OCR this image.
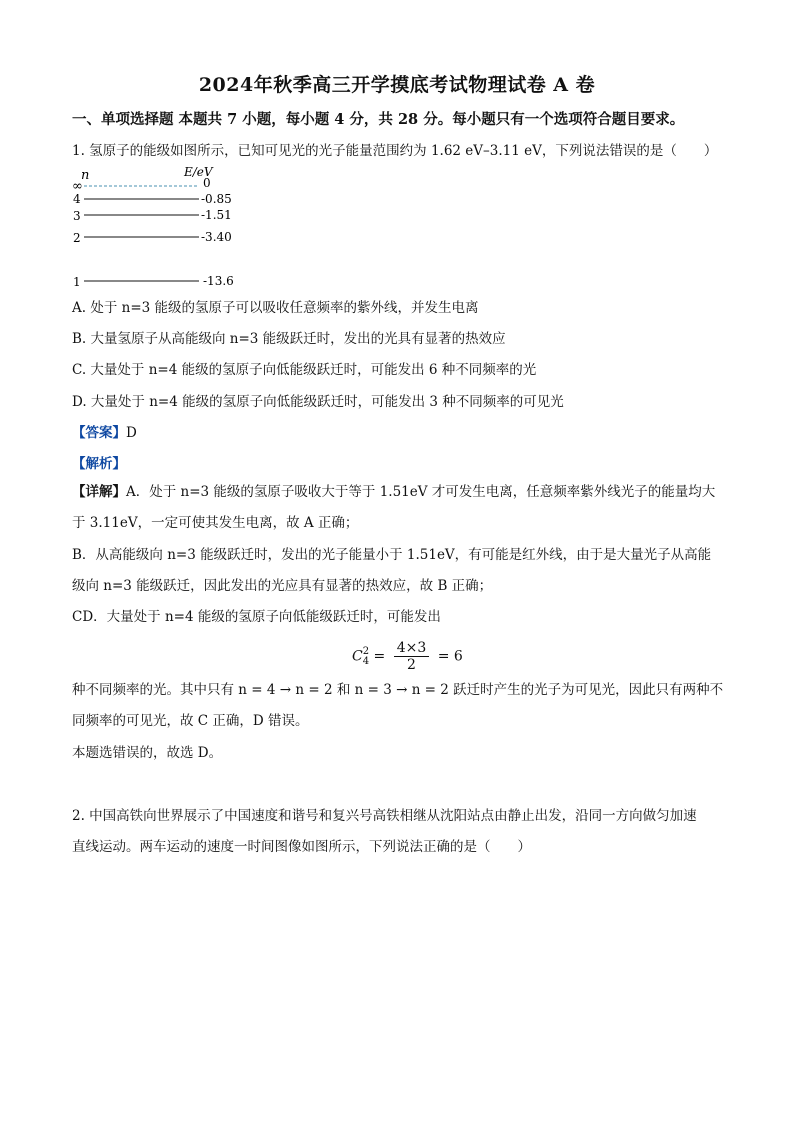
2024年秋季高三开学摸底考试物理试卷 A 卷
一、单项选择题 本题共 7 小题，每小题 4 分，共 28 分。每小题只有一个选项符合题目要求。
1. 氢原子的能级如图所示，已知可见光的光子能量范围约为 1.62 eV–3.11 eV，下列说法错误的是（　　）
n	E/eV
∞	0
4	-0.85
3	-1.51
2	-3.40
1	-13.6
A. 处于 n=3 能级的氢原子可以吸收任意频率的紫外线，并发生电离
B. 大量氢原子从高能级向 n=3 能级跃迁时，发出的光具有显著的热效应
C. 大量处于 n=4 能级的氢原子向低能级跃迁时，可能发出 6 种不同频率的光
D. 大量处于 n=4 能级的氢原子向低能级跃迁时，可能发出 3 种不同频率的可见光
【答案】D
【解析】
【详解】A．处于 n=3 能级的氢原子吸收大于等于 1.51eV 才可发生电离，任意频率紫外线光子的能量均大
于 3.11eV，一定可使其发生电离，故 A 正确；
B．从高能级向 n=3 能级跃迁时，发出的光子能量小于 1.51eV，有可能是红外线，由于是大量光子从高能
级向 n=3 能级跃迁，因此发出的光应具有显著的热效应，故 B 正确；
CD．大量处于 n=4 能级的氢原子向低能级跃迁时，可能发出
C 2
$4 = \frac{4\times 3}{2} = 6$
种不同频率的光。其中只有 n = 4 → n = 2 和 n = 3 → n = 2 跃迁时产生的光子为可见光，因此只有两种不
同频率的可见光，故 C 正确，D 错误。
本题选错误的，故选 D。
2. 中国高铁向世界展示了中国速度和谐号和复兴号高铁相继从沈阳站点由静止出发，沿同一方向做匀加速
直线运动。两车运动的速度一时间图像如图所示，下列说法正确的是（　　）
